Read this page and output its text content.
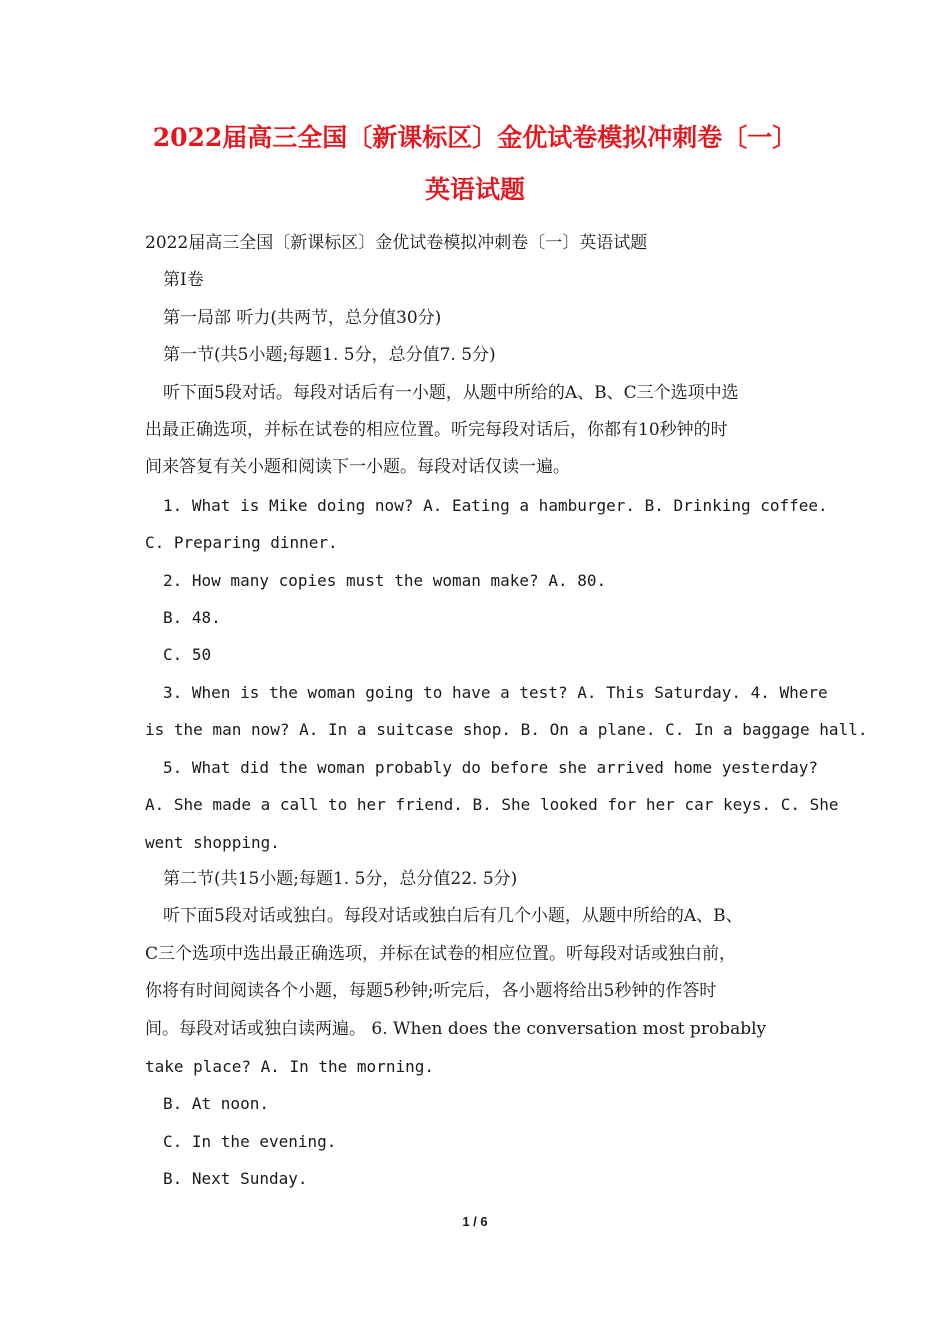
2022届高三全国〔新课标区〕金优试卷模拟冲刺卷〔一〕
英语试题

2022届高三全国〔新课标区〕金优试卷模拟冲刺卷〔一〕英语试题

第I卷

第一局部 听力(共两节，总分值30分)

第一节(共5小题;每题1. 5分，总分值7. 5分)

听下面5段对话。每段对话后有一小题，从题中所给的A、B、C三个选项中选

出最正确选项，并标在试卷的相应位置。听完每段对话后，你都有10秒钟的时

间来答复有关小题和阅读下一小题。每段对话仅读一遍。

1. What is Mike doing now? A. Eating a hamburger. B. Drinking coffee.

C. Preparing dinner.

2. How many copies must the woman make? A. 80.

B. 48.

C. 50

3. When is the woman going to have a test? A. This Saturday. 4. Where

is the man now? A. In a suitcase shop. B. On a plane. C. In a baggage hall.

5. What did the woman probably do before she arrived home yesterday?

A. She made a call to her friend. B. She looked for her car keys. C. She

went shopping.

第二节(共15小题;每题1. 5分，总分值22. 5分)

听下面5段对话或独白。每段对话或独白后有几个小题，从题中所给的A、B、

C三个选项中选出最正确选项，并标在试卷的相应位置。听每段对话或独白前，

你将有时间阅读各个小题，每题5秒钟;听完后，各小题将给出5秒钟的作答时

间。每段对话或独白读两遍。 6. When does the conversation most probably

take place? A. In the morning.

B. At noon.

C. In the evening.

B. Next Sunday.

1 / 6
